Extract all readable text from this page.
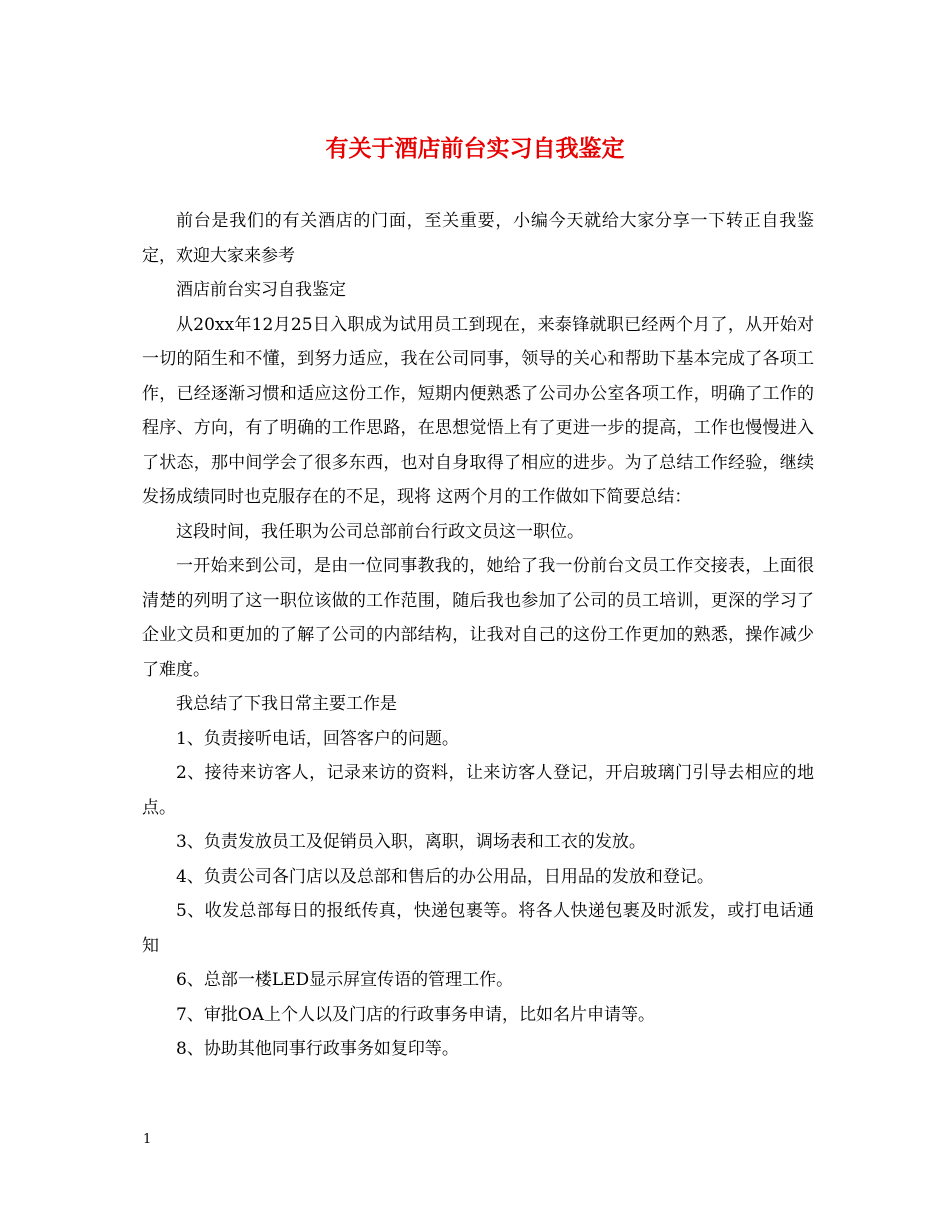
有关于酒店前台实习自我鉴定

前台是我们的有关酒店的门面，至关重要，小编今天就给大家分享一下转正自我鉴定，欢迎大家来参考

酒店前台实习自我鉴定

从20xx年12月25日入职成为试用员工到现在，来泰锋就职已经两个月了，从开始对一切的陌生和不懂，到努力适应，我在公司同事，领导的关心和帮助下基本完成了各项工作，已经逐渐习惯和适应这份工作，短期内便熟悉了公司办公室各项工作，明确了工作的程序、方向，有了明确的工作思路，在思想觉悟上有了更进一步的提高，工作也慢慢进入了状态，那中间学会了很多东西，也对自身取得了相应的进步。为了总结工作经验，继续发扬成绩同时也克服存在的不足，现将 这两个月的工作做如下简要总结：

这段时间，我任职为公司总部前台行政文员这一职位。

一开始来到公司，是由一位同事教我的，她给了我一份前台文员工作交接表，上面很清楚的列明了这一职位该做的工作范围，随后我也参加了公司的员工培训，更深的学习了企业文员和更加的了解了公司的内部结构，让我对自己的这份工作更加的熟悉，操作减少了难度。

我总结了下我日常主要工作是

1、负责接听电话，回答客户的问题。

2、接待来访客人，记录来访的资料，让来访客人登记，开启玻璃门引导去相应的地点。

3、负责发放员工及促销员入职，离职，调场表和工衣的发放。

4、负责公司各门店以及总部和售后的办公用品，日用品的发放和登记。

5、收发总部每日的报纸传真，快递包裹等。将各人快递包裹及时派发，或打电话通知

6、总部一楼LED显示屏宣传语的管理工作。

7、审批OA上个人以及门店的行政事务申请，比如名片申请等。

8、协助其他同事行政事务如复印等。

1
